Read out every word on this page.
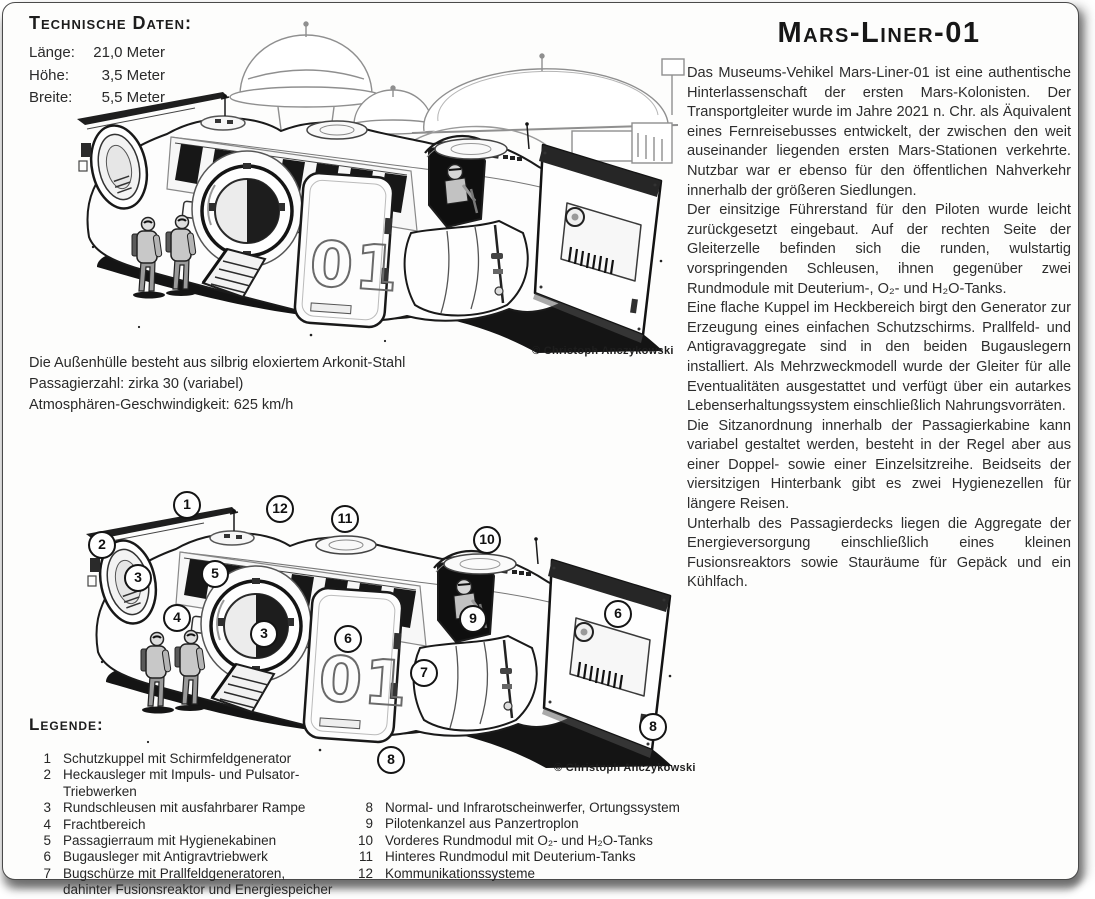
Technische Daten:
Länge:	21,0 Meter
Höhe:	3,5 Meter
Breite:	5,5 Meter
© Christoph Anczykowski
Die Außenhülle besteht aus silbrig eloxiertem Arkonit-Stahl
Passagierzahl: zirka 30 (variabel)
Atmosphären-Geschwindigkeit: 625 km/h
Mars-Liner-01

Das Museums-Vehikel Mars-Liner-01 ist eine authentische Hinterlassenschaft der ersten Mars-Kolonisten. Der Transportgleiter wurde im Jahre 2021 n. Chr. als Äquivalent eines Fernreisebusses entwickelt, der zwischen den weit auseinander liegenden ersten Mars-Stationen verkehrte. Nutzbar war er ebenso für den öffentlichen Nahverkehr innerhalb der größeren Siedlungen.

Der einsitzige Führerstand für den Piloten wurde leicht zurückgesetzt eingebaut. Auf der rechten Seite der Gleiterzelle befinden sich die runden, wulstartig vorspringenden Schleusen, ihnen gegenüber zwei Rundmodule mit Deuterium-, O₂- und H₂O-Tanks.

Eine flache Kuppel im Heckbereich birgt den Generator zur Erzeugung eines einfachen Schutzschirms. Prallfeld- und Antigravaggregate sind in den beiden Bugauslegern installiert. Als Mehrzweckmodell wurde der Gleiter für alle Eventualitäten ausgestattet und verfügt über ein autarkes Lebenserhaltungssystem einschließlich Nahrungsvorräten.

Die Sitzanordnung innerhalb der Passagierkabine kann variabel gestaltet werden, besteht in der Regel aber aus einer Doppel- sowie einer Einzelsitzreihe. Beidseits der viersitzigen Hinterbank gibt es zwei Hygienezellen für längere Reisen.

Unterhalb des Passagierdecks liegen die Aggregate der Energieversorgung einschließlich eines kleinen Fusionsreaktors sowie Stauräume für Gepäck und ein Kühlfach.

1	12
11
2	10
3	5
4
3	6
9	6
7
8
8
© Christoph Anczykowski
Legende:
1 Schutzkuppel mit Schirmfeldgenerator
2 Heckausleger mit Impuls- und Pulsator-Triebwerken
3 Rundschleusen mit ausfahrbarer Rampe
4 Frachtbereich
5 Passagierraum mit Hygienekabinen
6 Bugausleger mit Antigravtriebwerk
7 Bugschürze mit Prallfeldgeneratoren,
dahinter Fusionsreaktor und Energiespeicher
8 Normal- und Infrarotscheinwerfer, Ortungssystem
9 Pilotenkanzel aus Panzertroplon
10 Vorderes Rundmodul mit O₂- und H₂O-Tanks
11 Hinteres Rundmodul mit Deuterium-Tanks
12 Kommunikationssysteme
